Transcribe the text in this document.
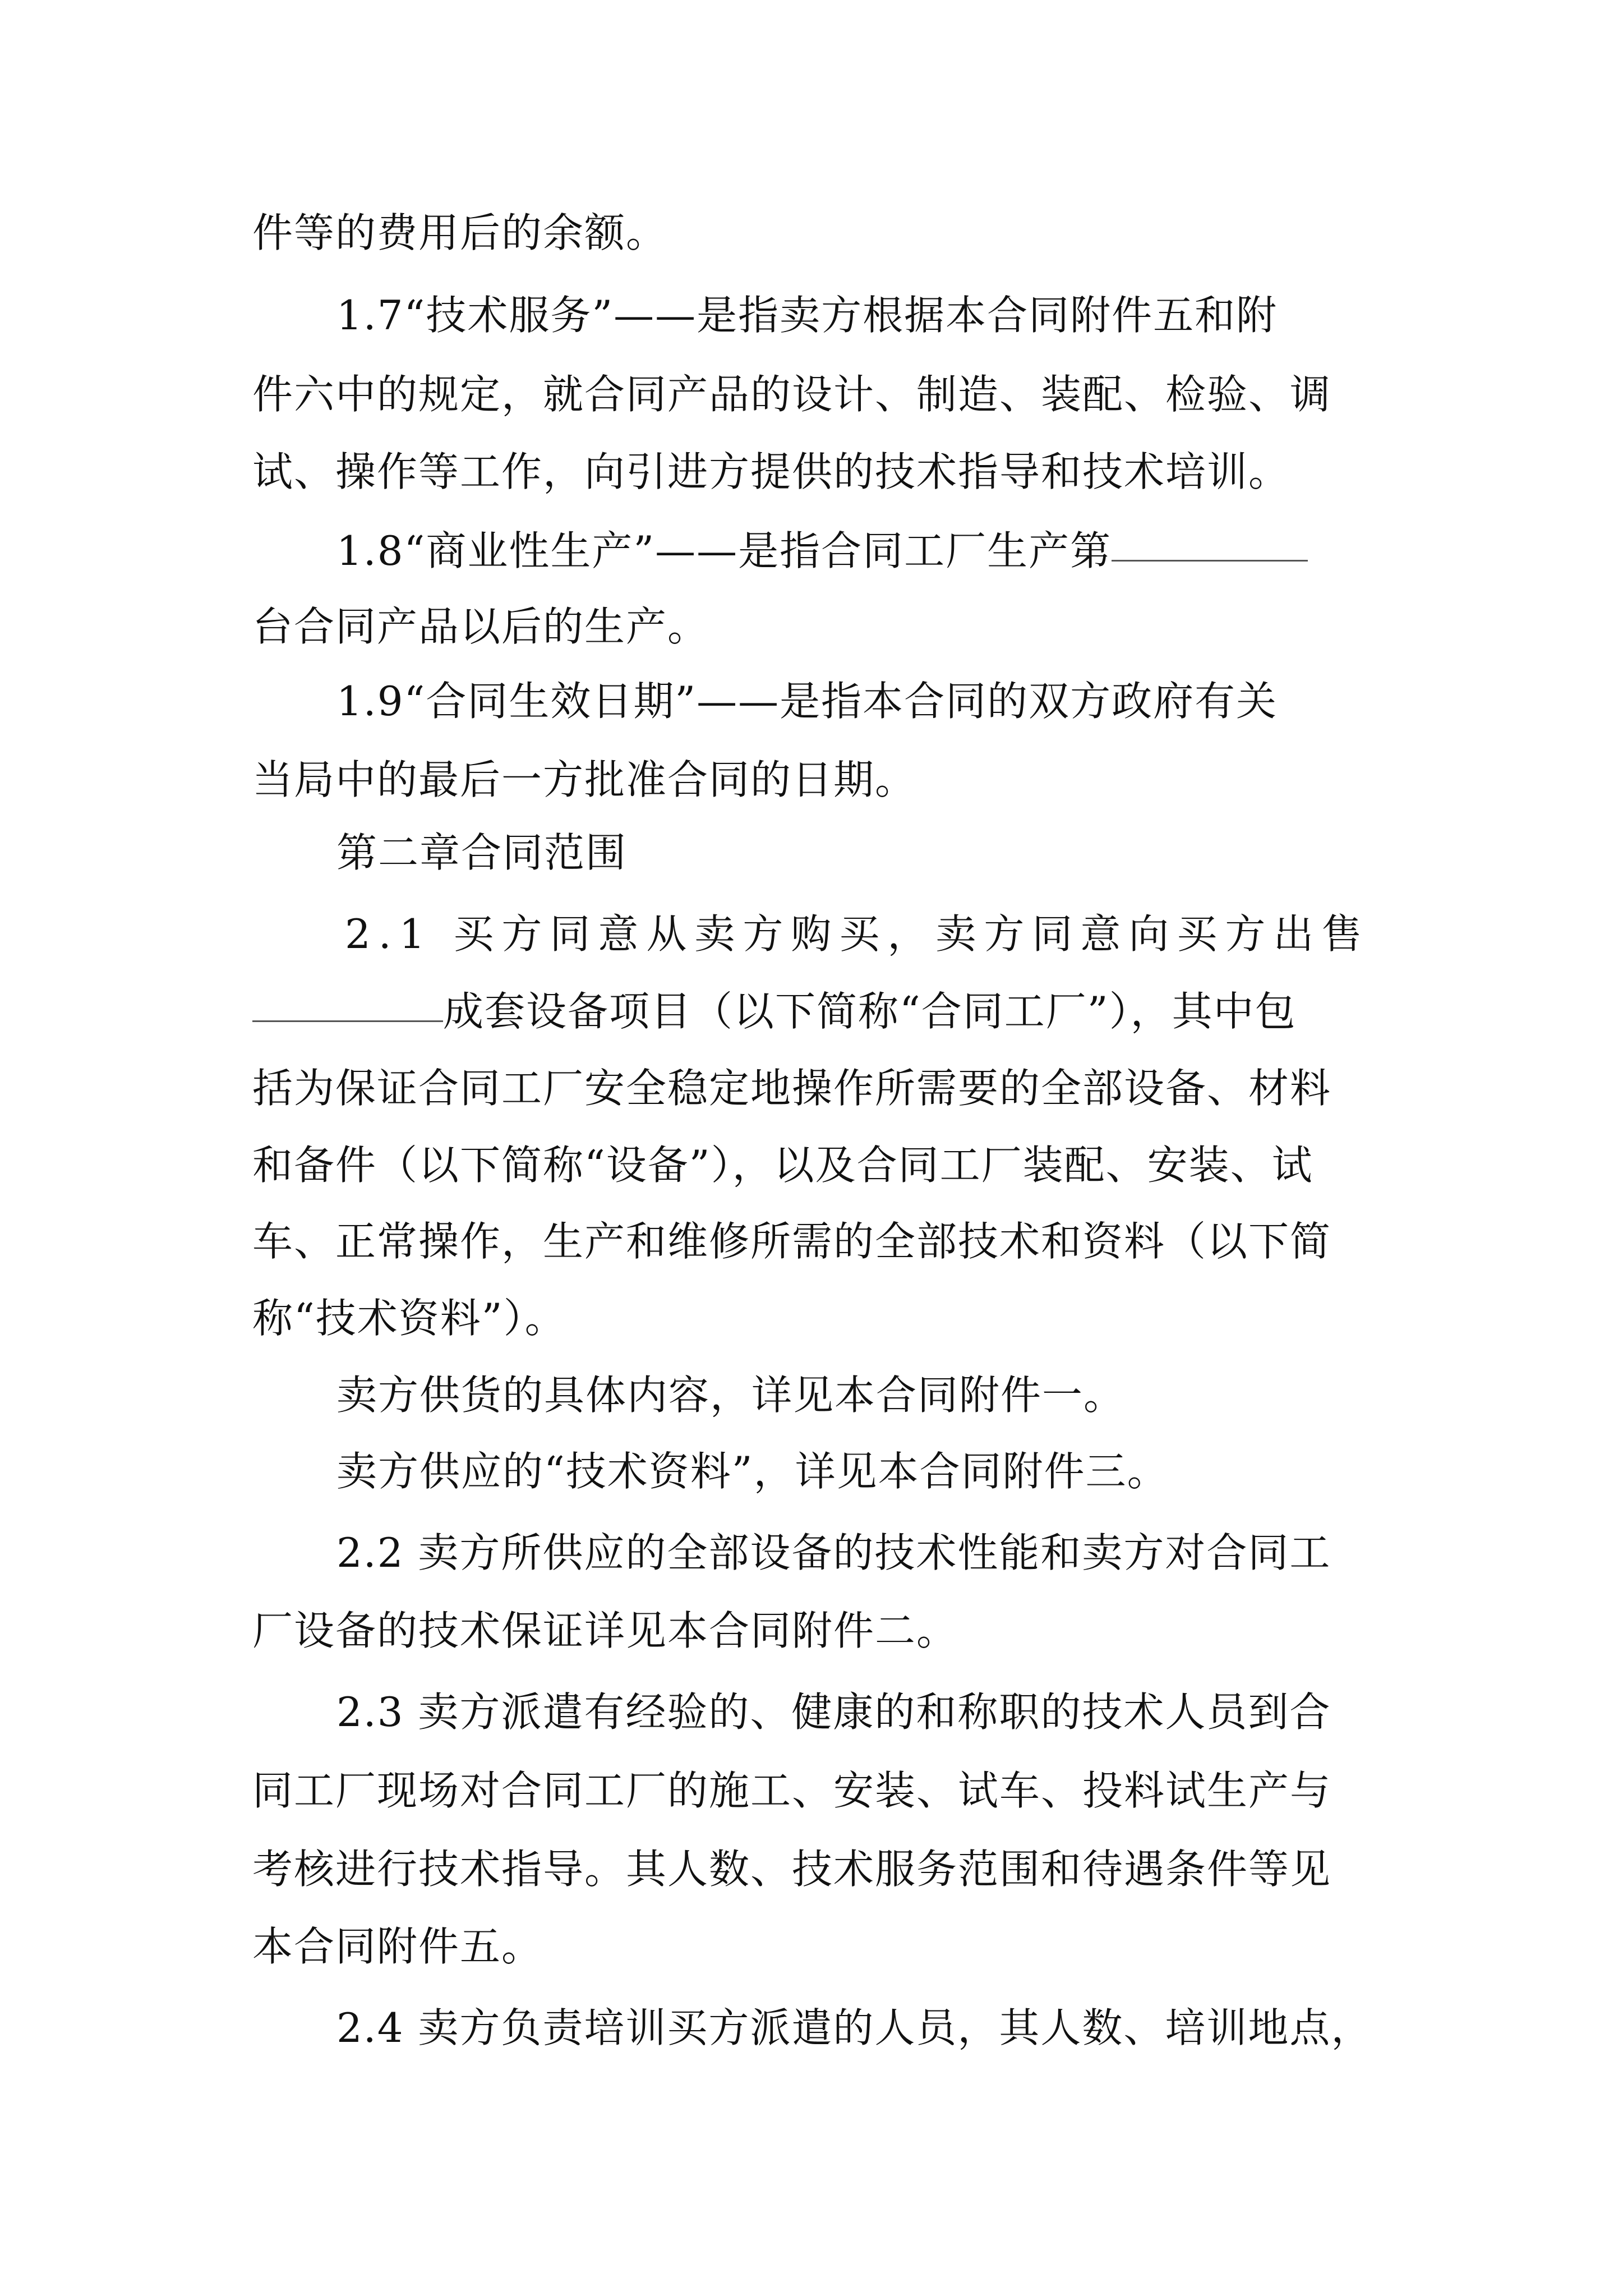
件等的费用后的余额。
1.7“技术服务”——是指卖方根据本合同附件五和附
件六中的规定，就合同产品的设计、制造、装配、检验、调
试、操作等工作，向引进方提供的技术指导和技术培训。
1.8“商业性生产”——是指合同工厂生产第
台合同产品以后的生产。
1.9“合同生效日期”——是指本合同的双方政府有关
当局中的最后一方批准合同的日期。
第二章合同范围
2.1 买方同意从卖方购买，卖方同意向买方出售
成套设备项目（以下简称“合同工厂”），其中包
括为保证合同工厂安全稳定地操作所需要的全部设备、材料
和备件（以下简称“设备”），以及合同工厂装配、安装、试
车、正常操作，生产和维修所需的全部技术和资料（以下简
称“技术资料”）。
卖方供货的具体内容，详见本合同附件一。
卖方供应的“技术资料”，详见本合同附件三。
2.2 卖方所供应的全部设备的技术性能和卖方对合同工
厂设备的技术保证详见本合同附件二。
2.3 卖方派遣有经验的、健康的和称职的技术人员到合
同工厂现场对合同工厂的施工、安装、试车、投料试生产与
考核进行技术指导。其人数、技术服务范围和待遇条件等见
本合同附件五。
2.4 卖方负责培训买方派遣的人员，其人数、培训地点，
